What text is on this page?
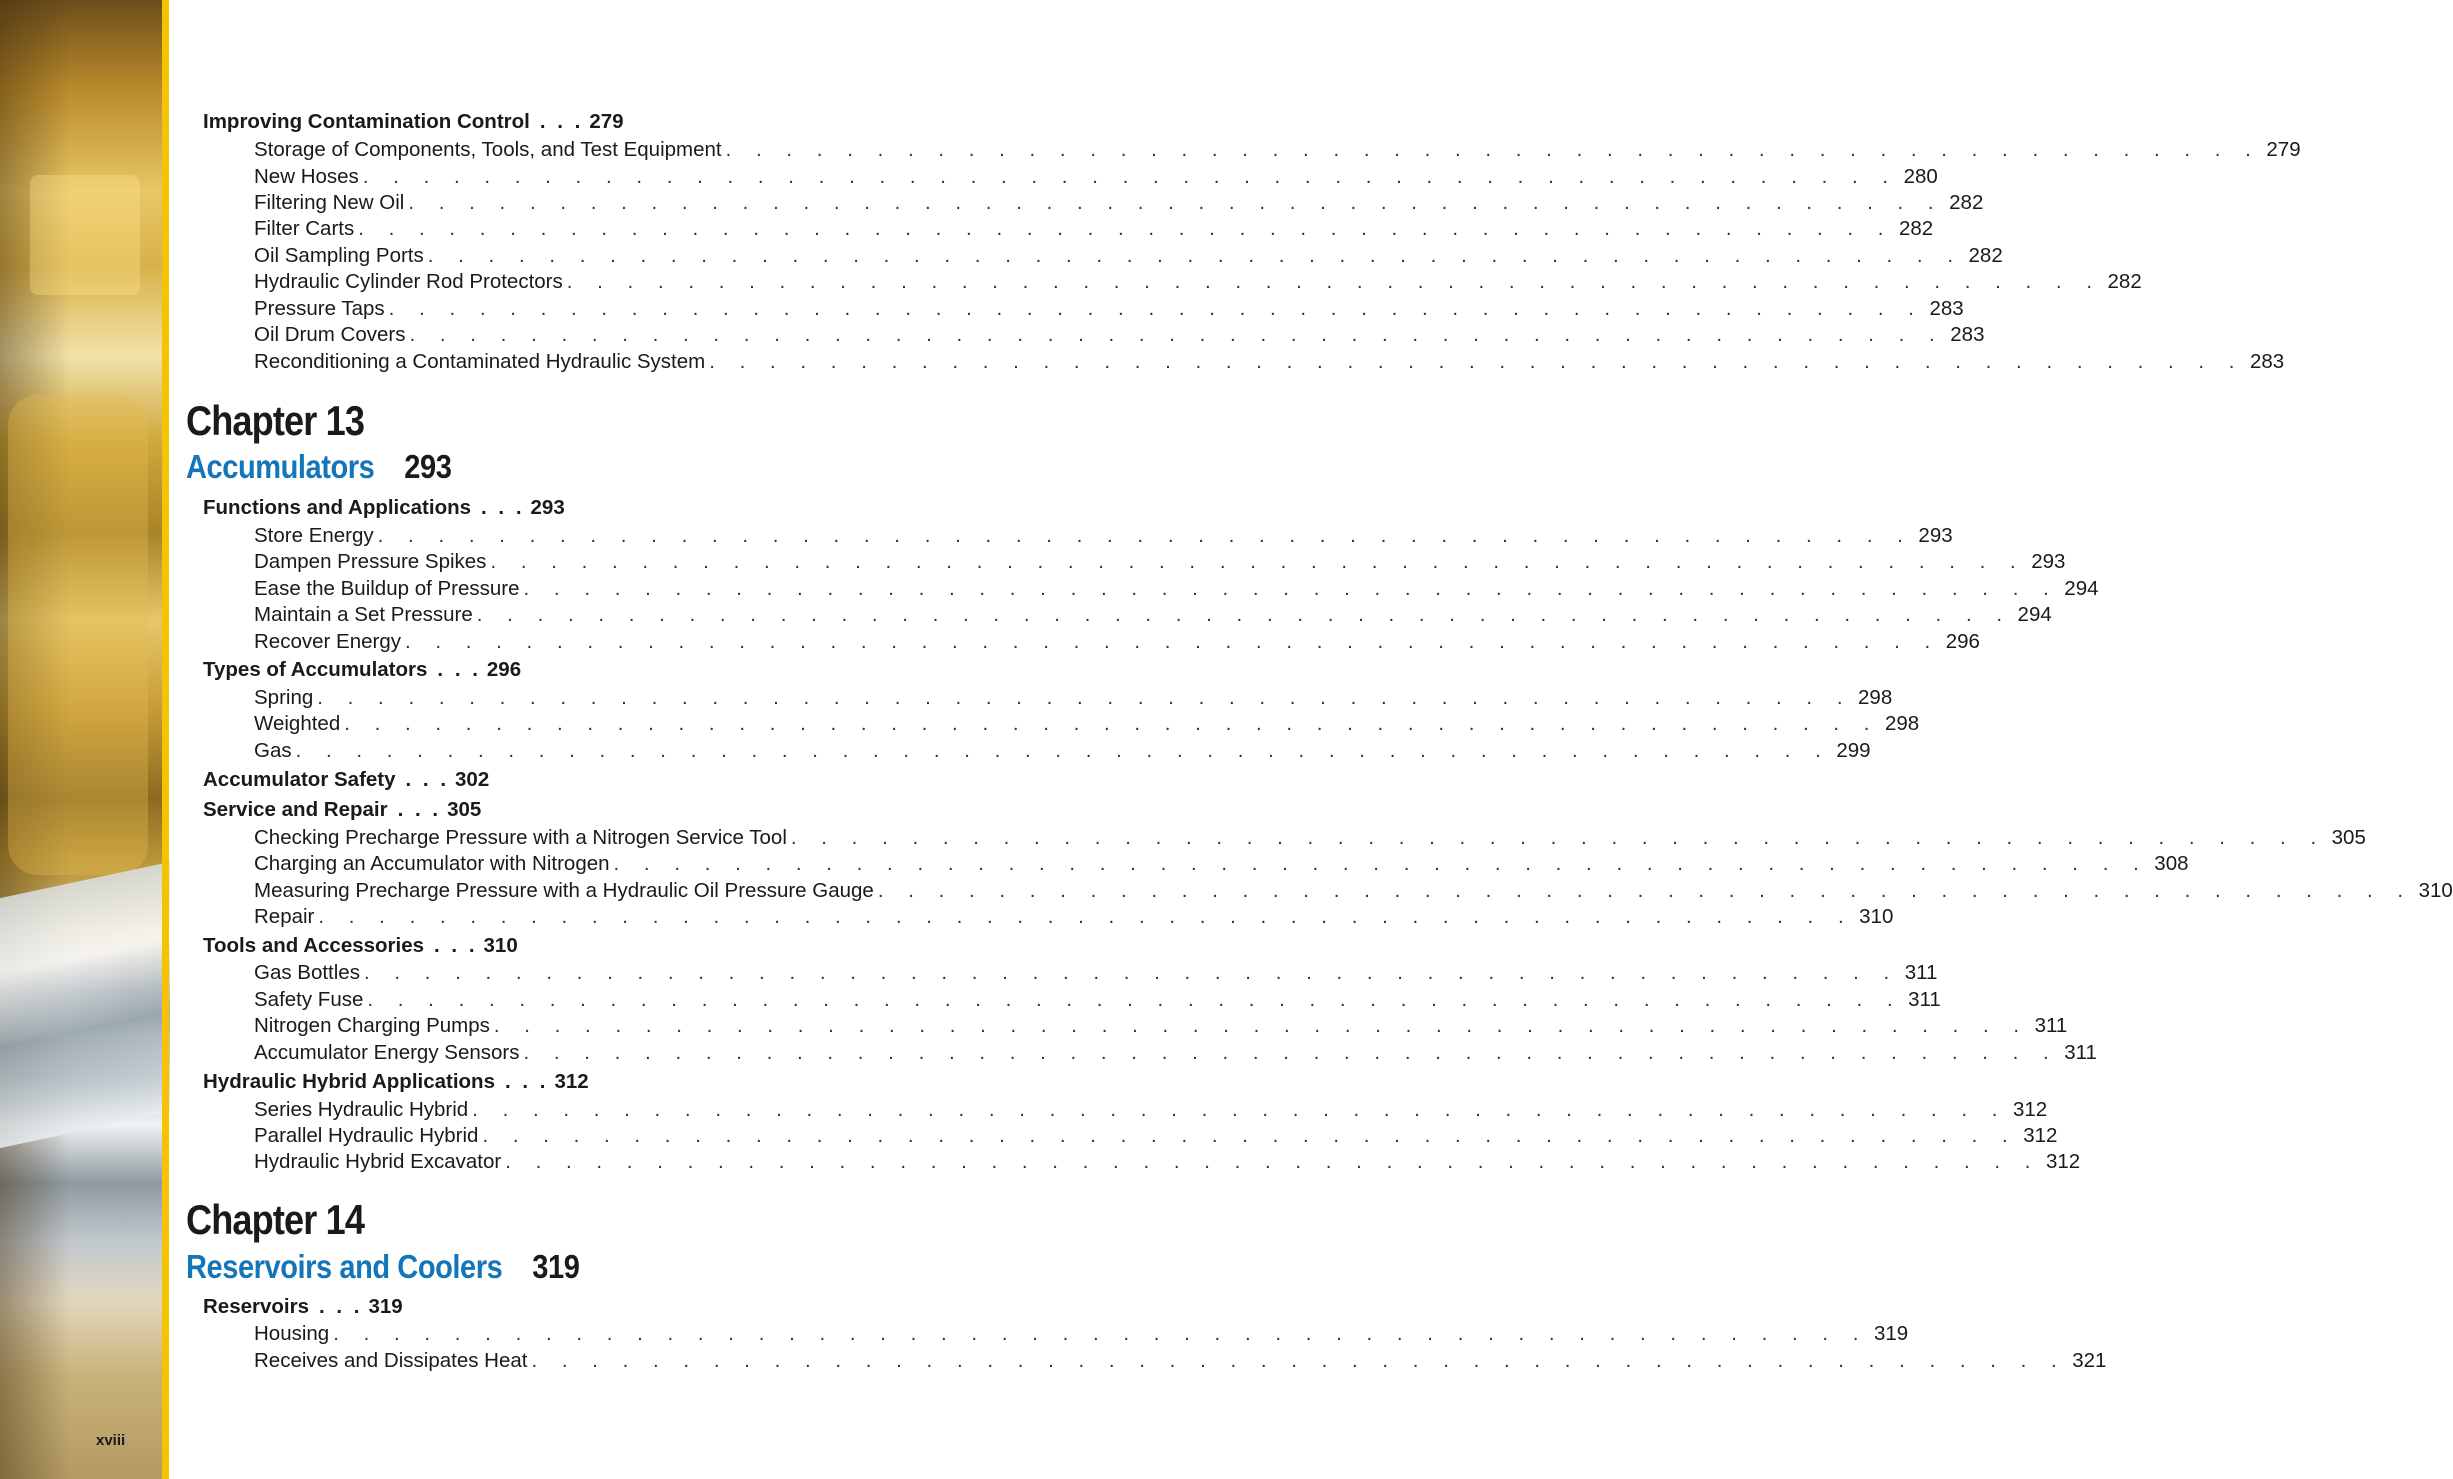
xviii
Improving Contamination Control . . . 279
Storage of Components, Tools, and Test Equipment . . . . . . . . . . . . . . . . . . . . . . . . . . . . . . . . . . . . . . . . . . . . . . . . . . . 279
New Hoses . . . . . . . . . . . . . . . . . . . . . . . . . . . . . . . . . . . . . . . . . . . . . . . . . . . 280
Filtering New Oil . . . . . . . . . . . . . . . . . . . . . . . . . . . . . . . . . . . . . . . . . . . . . . . . . . . 282
Filter Carts . . . . . . . . . . . . . . . . . . . . . . . . . . . . . . . . . . . . . . . . . . . . . . . . . . . 282
Oil Sampling Ports . . . . . . . . . . . . . . . . . . . . . . . . . . . . . . . . . . . . . . . . . . . . . . . . . . . 282
Hydraulic Cylinder Rod Protectors . . . . . . . . . . . . . . . . . . . . . . . . . . . . . . . . . . . . . . . . . . . . . . . . . . . 282
Pressure Taps . . . . . . . . . . . . . . . . . . . . . . . . . . . . . . . . . . . . . . . . . . . . . . . . . . . 283
Oil Drum Covers . . . . . . . . . . . . . . . . . . . . . . . . . . . . . . . . . . . . . . . . . . . . . . . . . . . 283
Reconditioning a Contaminated Hydraulic System . . . . . . . . . . . . . . . . . . . . . . . . . . . . . . . . . . . . . . . . . . . . . . . . . . . 283
Chapter 13
Accumulators 293
Functions and Applications . . . 293
Store Energy . . . . . . . . . . . . . . . . . . . . . . . . . . . . . . . . . . . . . . . . . . . . . . . . . . . 293
Dampen Pressure Spikes . . . . . . . . . . . . . . . . . . . . . . . . . . . . . . . . . . . . . . . . . . . . . . . . . . . 293
Ease the Buildup of Pressure . . . . . . . . . . . . . . . . . . . . . . . . . . . . . . . . . . . . . . . . . . . . . . . . . . . 294
Maintain a Set Pressure . . . . . . . . . . . . . . . . . . . . . . . . . . . . . . . . . . . . . . . . . . . . . . . . . . . 294
Recover Energy . . . . . . . . . . . . . . . . . . . . . . . . . . . . . . . . . . . . . . . . . . . . . . . . . . . 296
Types of Accumulators . . . 296
Spring . . . . . . . . . . . . . . . . . . . . . . . . . . . . . . . . . . . . . . . . . . . . . . . . . . . 298
Weighted . . . . . . . . . . . . . . . . . . . . . . . . . . . . . . . . . . . . . . . . . . . . . . . . . . . 298
Gas . . . . . . . . . . . . . . . . . . . . . . . . . . . . . . . . . . . . . . . . . . . . . . . . . . . 299
Accumulator Safety . . . 302
Service and Repair . . . 305
Checking Precharge Pressure with a Nitrogen Service Tool . . . . . . . . . . . . . . . . . . . . . . . . . . . . . . . . . . . . . . . . . . . . . . . . . . . 305
Charging an Accumulator with Nitrogen . . . . . . . . . . . . . . . . . . . . . . . . . . . . . . . . . . . . . . . . . . . . . . . . . . . 308
Measuring Precharge Pressure with a Hydraulic Oil Pressure Gauge . . . . . . . . . . . . . . . . . . . . . . . . . . . . . . . . . . . . . . . . . . . . . . . . . . . 310
Repair . . . . . . . . . . . . . . . . . . . . . . . . . . . . . . . . . . . . . . . . . . . . . . . . . . . 310
Tools and Accessories . . . 310
Gas Bottles . . . . . . . . . . . . . . . . . . . . . . . . . . . . . . . . . . . . . . . . . . . . . . . . . . . 311
Safety Fuse . . . . . . . . . . . . . . . . . . . . . . . . . . . . . . . . . . . . . . . . . . . . . . . . . . . 311
Nitrogen Charging Pumps . . . . . . . . . . . . . . . . . . . . . . . . . . . . . . . . . . . . . . . . . . . . . . . . . . . 311
Accumulator Energy Sensors . . . . . . . . . . . . . . . . . . . . . . . . . . . . . . . . . . . . . . . . . . . . . . . . . . . 311
Hydraulic Hybrid Applications . . . 312
Series Hydraulic Hybrid . . . . . . . . . . . . . . . . . . . . . . . . . . . . . . . . . . . . . . . . . . . . . . . . . . . 312
Parallel Hydraulic Hybrid . . . . . . . . . . . . . . . . . . . . . . . . . . . . . . . . . . . . . . . . . . . . . . . . . . . 312
Hydraulic Hybrid Excavator . . . . . . . . . . . . . . . . . . . . . . . . . . . . . . . . . . . . . . . . . . . . . . . . . . . 312
Chapter 14
Reservoirs and Coolers 319
Reservoirs . . . 319
Housing . . . . . . . . . . . . . . . . . . . . . . . . . . . . . . . . . . . . . . . . . . . . . . . . . . . 319
Receives and Dissipates Heat . . . . . . . . . . . . . . . . . . . . . . . . . . . . . . . . . . . . . . . . . . . . . . . . . . . 321
